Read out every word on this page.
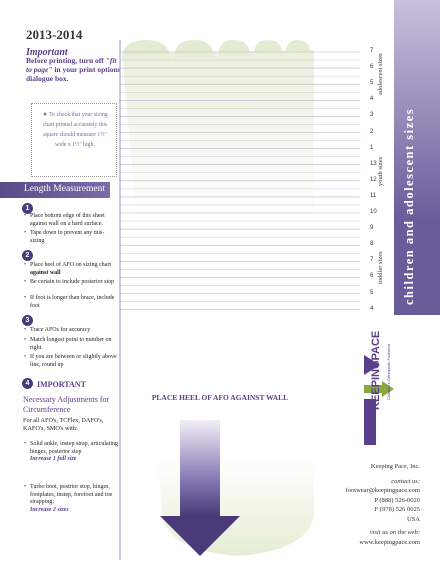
2013-2014
Important
Before printing, turn off "fit to page" in your print options dialogue box.
★ To check that your sizing chart printed accurately this square should measure 1½" wide x 1½" high.
Length Measurement
1
• Place bottom edge of this sheet against wall on a hard surface.
• Tape down to prevent any mis-sizing
2
• Place heel of AFO on sizing chart against wall
• Be certain to include posterior stop
• If foot is longer than brace, include foot
3
• Trace AFOs for accuracy
• Match longest point to number on right
• If you are between or slightly above line, round up
4 IMPORTANT
Necessary Adjustments for Circumference
For all AFO's, TCFlex, DAFO's, KAFO's, SMO's with:
• Solid ankle, instep strap, articulating hinges, posterior stop
Increase 1 full size
• Turbo boot, postrior stop, hinges, footplates, instep, forefoot and toe strapping:
Increase 2 sizes
PLACE HEEL OF AFO AGAINST WALL
7
6
5
4
3
2
1
13
12
11
10
9
8
7
6
5
4
adolescent sizes
youth sizes
toddler sizes children and adolescent sizes
KEEPINGPACE Children's Orthopedic Footwear
Keeping Pace, Inc.
contact us:
footwear@keepingpace.com
P (888) 526-0020
F (978) 526 0025
USA
visit us on the web:
www.keepingpace.com
